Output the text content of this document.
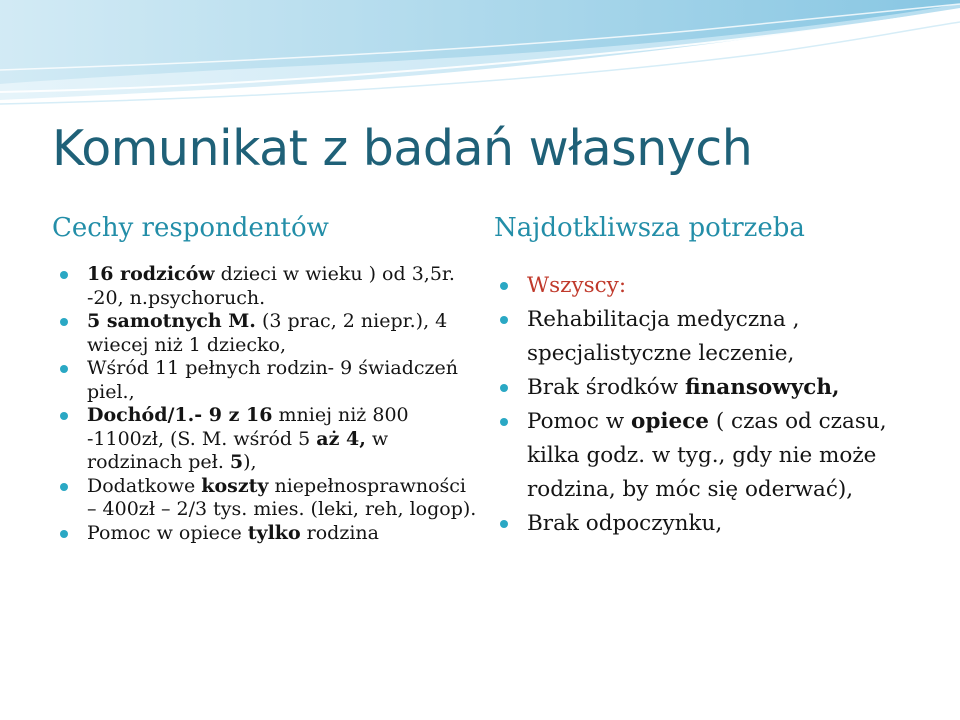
Komunikat z badań własnych
Cechy respondentów	Najdotkliwsza potrzeba
16 rodziców dzieci w wieku ) od 3,5r. -20, n.psychoruch.
5 samotnych M. (3 prac, 2 niepr.), 4 wiecej niż 1 dziecko,
Wśród 11 pełnych rodzin- 9 świadczeń piel.,
Dochód/1.- 9 z 16 mniej niż 800 -1100zł, (S. M. wśród 5 aż 4, w rodzinach peł. 5),
Dodatkowe koszty niepełnosprawności – 400zł – 2/3 tys. mies. (leki, reh, logop).
Pomoc w opiece tylko rodzina
Wszyscy:
Rehabilitacja medyczna , specjalistyczne leczenie,
Brak środków finansowych,
Pomoc w opiece ( czas od czasu, kilka godz. w tyg., gdy nie może rodzina, by móc się oderwać),
Brak odpoczynku,
